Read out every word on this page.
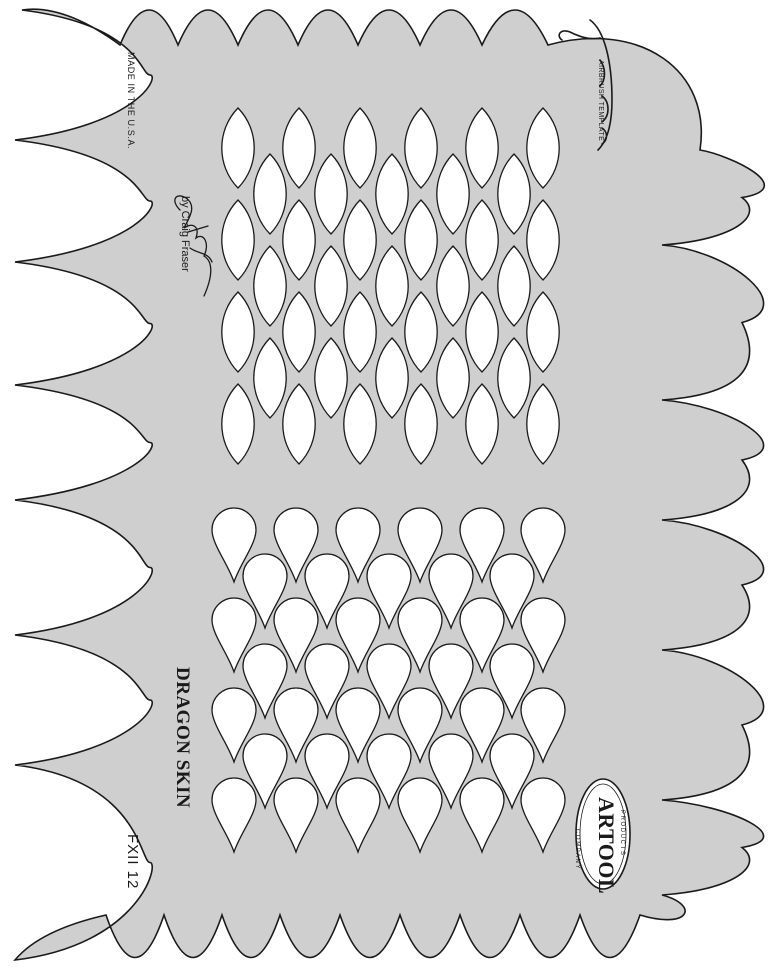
MADE IN THE U.S.A.
by Craig Fraser
AIRBRUSH TEMPLATE
DRAGON SKIN
FXII 12	ARTOOL PRODUCTS
COMPANY
